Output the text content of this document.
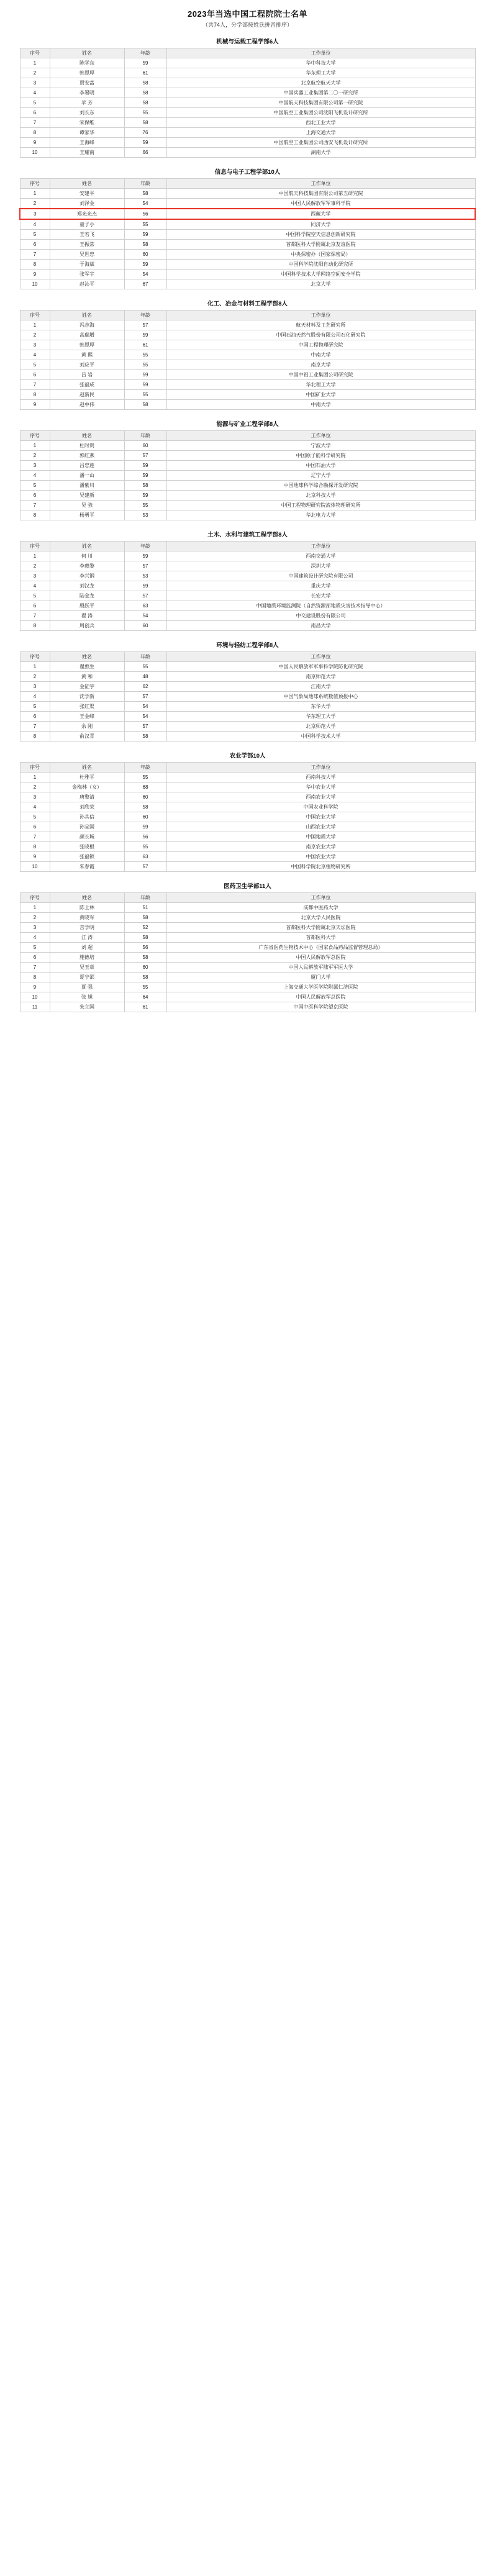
2023年当选中国工程院院士名单
（共74人，分学部按姓氏拼音排序）
机械与运载工程学部6人
序号	姓名	年龄	工作单位
1	陈学东	59	华中科技大学
2	韩恩厚	61	华东理工大学
3	贾安富	58	北京航空航天大学
4	李署明	58	中国兵器工业集团第二〇一研究所
5	苹 芳	58	中国航天科技集团有限公司第一研究院
6	刘长东	55	中国航空工业集团公司沈阳飞机设计研究所
7	宋保维	58	西北工业大学
8	谭家华	76	上海交通大学
9	王海峰	59	中国航空工业集团公司西安飞机设计研究所
10	王耀南	66	湖南大学
信息与电子工程学部10人
序号	姓名	年龄	工作单位
1	安建平	58	中国航天科技集团有限公司第五研究院
2	刘泽金	54	中国人民解放军军事科学院
3	郑光光杰	56	西藏大学
4	童子小	55	同济大学
5	王若飞	59	中国科学院空天信息创新研究院
6	王振常	58	首都医科大学附属北京友谊医院
7	吴世忠	60	中央保密办（国家保密局）
8	于海斌	59	中国科学院沈阳自动化研究所
9	张军宇	54	中国科学技术大学网络空间安全学院
10	赵沁平	67	北京大学
化工、冶金与材料工程学部8人
序号	姓名	年龄	工作单位
1	冯志海	57	航天材料及工艺研究所
2	高瑞增	59	中国石油天然气股份有限公司石化研究院
3	韩恩厚	61	中国工程物理研究院
4	黄 熙	55	中南大学
5	刘应平	55	南京大学
6	吕 岩	59	中国中铝工业集团公司研究院
7	张福成	59	华北理工大学
8	赵新民	55	中国矿业大学
9	赵中伟	58	中南大学
能源与矿业工程学部8人
序号	姓名	年龄	工作单位
1	杜时贵	60	宁波大学
2	郭红燕	57	中国原子能科学研究院
3	吕忠莲	59	中国石油大学
4	潘一山	59	辽宁大学
5	潘紫川	58	中国地球科学综合勘探开发研究院
6	吴建新	59	北京科技大学
7	吴 強	55	中国工程物理研究院流体物理研究所
8	杨勇平	53	华北电力大学
土木、水利与建筑工程学部8人
序号	姓名	年龄	工作单位
1	何 川	59	西南交通大学
2	李惠黎	57	深圳大学
3	李兴钢	53	中国建筑设计研究院有限公司
4	刘汉龙	59	重庆大学
5	陆金龙	57	长安大学
6	殷跃平	63	中国地质环境监测院（自然资源部地质灾害技术指导中心）
7	翟 涛	54	中交建设股份有限公司
8	周创兵	60	南昌大学
环境与轻纺工程学部8人
序号	姓名	年龄	工作单位
1	翟熬生	55	中国人民解放军军事科学院防化研究院
2	黄 和	48	南京师范大学
3	金征宇	62	江南大学
4	沈学新	57	中国气象局地球系统数值预报中心
5	张红渠	54	东华大学
6	王金峰	54	华东理工大学
7	余 刚	57	北京师范大学
8	俞汉青	58	中国科学技术大学
农业学部10人
序号	姓名	年龄	工作单位
1	杜雅平	55	西南科技大学
2	金梅林（女）	68	华中农业大学
3	唐整清	60	西南农业大学
4	刘欣荣	58	中国农业科学院
5	孙其信	60	中国农业大学
6	孙宝国	59	山西农业大学
7	颜长城	56	中国地质大学
8	张晓根	55	南京农业大学
9	张福锁	63	中国农业大学
10	朱春霞	57	中国科学院北京植物研究所
医药卫生学部11人
序号	姓名	年龄	工作单位
1	陈士林	51	成都中医药大学
2	黄晓军	58	北京大学人民医院
3	吉学明	52	首都医科大学附属北京天坛医院
4	江 涛	58	首都医科大学
5	刘 超	56	广东省医药生物技术中心（国家食品药品监督管理总局）
6	施德培	58	中国人民解放军总医院
7	吴玉章	60	中国人民解放军陆军军医大学
8	夏宁邵	58	厦门大学
9	夏 强	55	上海交通大学医学院附属仁济医院
10	张 旭	64	中国人民解放军总医院
11	朱立国	61	中国中医科学院望京医院
